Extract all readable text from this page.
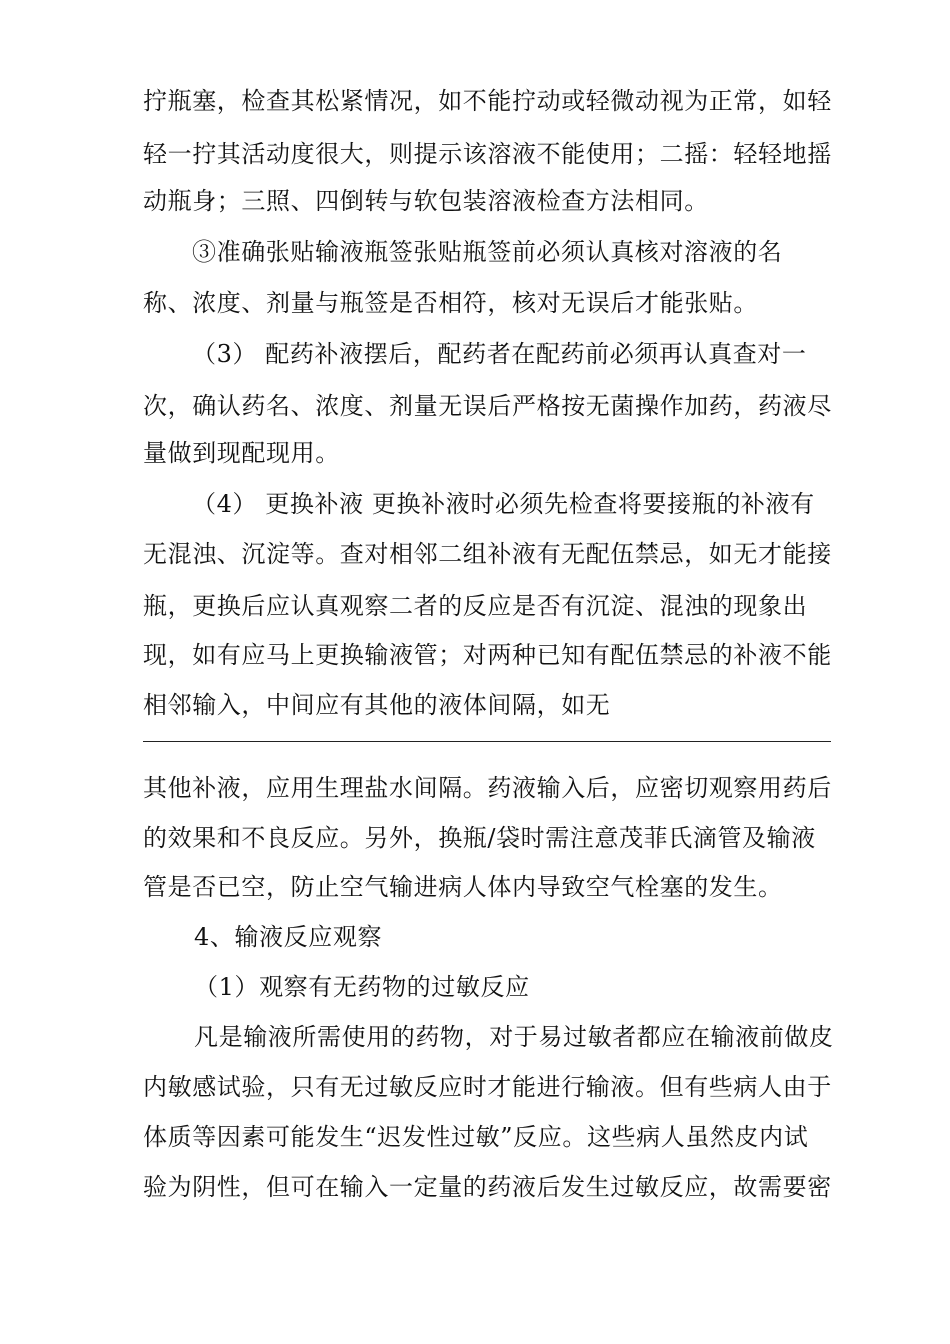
拧瓶塞，检查其松紧情况，如不能拧动或轻微动视为正常，如轻
轻一拧其活动度很大，则提示该溶液不能使用；二摇：轻轻地摇
动瓶身；三照、四倒转与软包装溶液检查方法相同。
③准确张贴输液瓶签张贴瓶签前必须认真核对溶液的名
称、浓度、剂量与瓶签是否相符，核对无误后才能张贴。
（3） 配药补液摆后，配药者在配药前必须再认真查对一
次，确认药名、浓度、剂量无误后严格按无菌操作加药，药液尽
量做到现配现用。
（4） 更换补液 更换补液时必须先检查将要接瓶的补液有
无混浊、沉淀等。查对相邻二组补液有无配伍禁忌，如无才能接
瓶，更换后应认真观察二者的反应是否有沉淀、混浊的现象出
现，如有应马上更换输液管；对两种已知有配伍禁忌的补液不能
相邻输入，中间应有其他的液体间隔，如无
其他补液，应用生理盐水间隔。药液输入后，应密切观察用药后
的效果和不良反应。另外，换瓶/袋时需注意茂菲氏滴管及输液
管是否已空，防止空气输进病人体内导致空气栓塞的发生。
4、输液反应观察
（1）观察有无药物的过敏反应
凡是输液所需使用的药物，对于易过敏者都应在输液前做皮
内敏感试验，只有无过敏反应时才能进行输液。但有些病人由于
体质等因素可能发生“迟发性过敏”反应。这些病人虽然皮内试
验为阴性，但可在输入一定量的药液后发生过敏反应，故需要密
